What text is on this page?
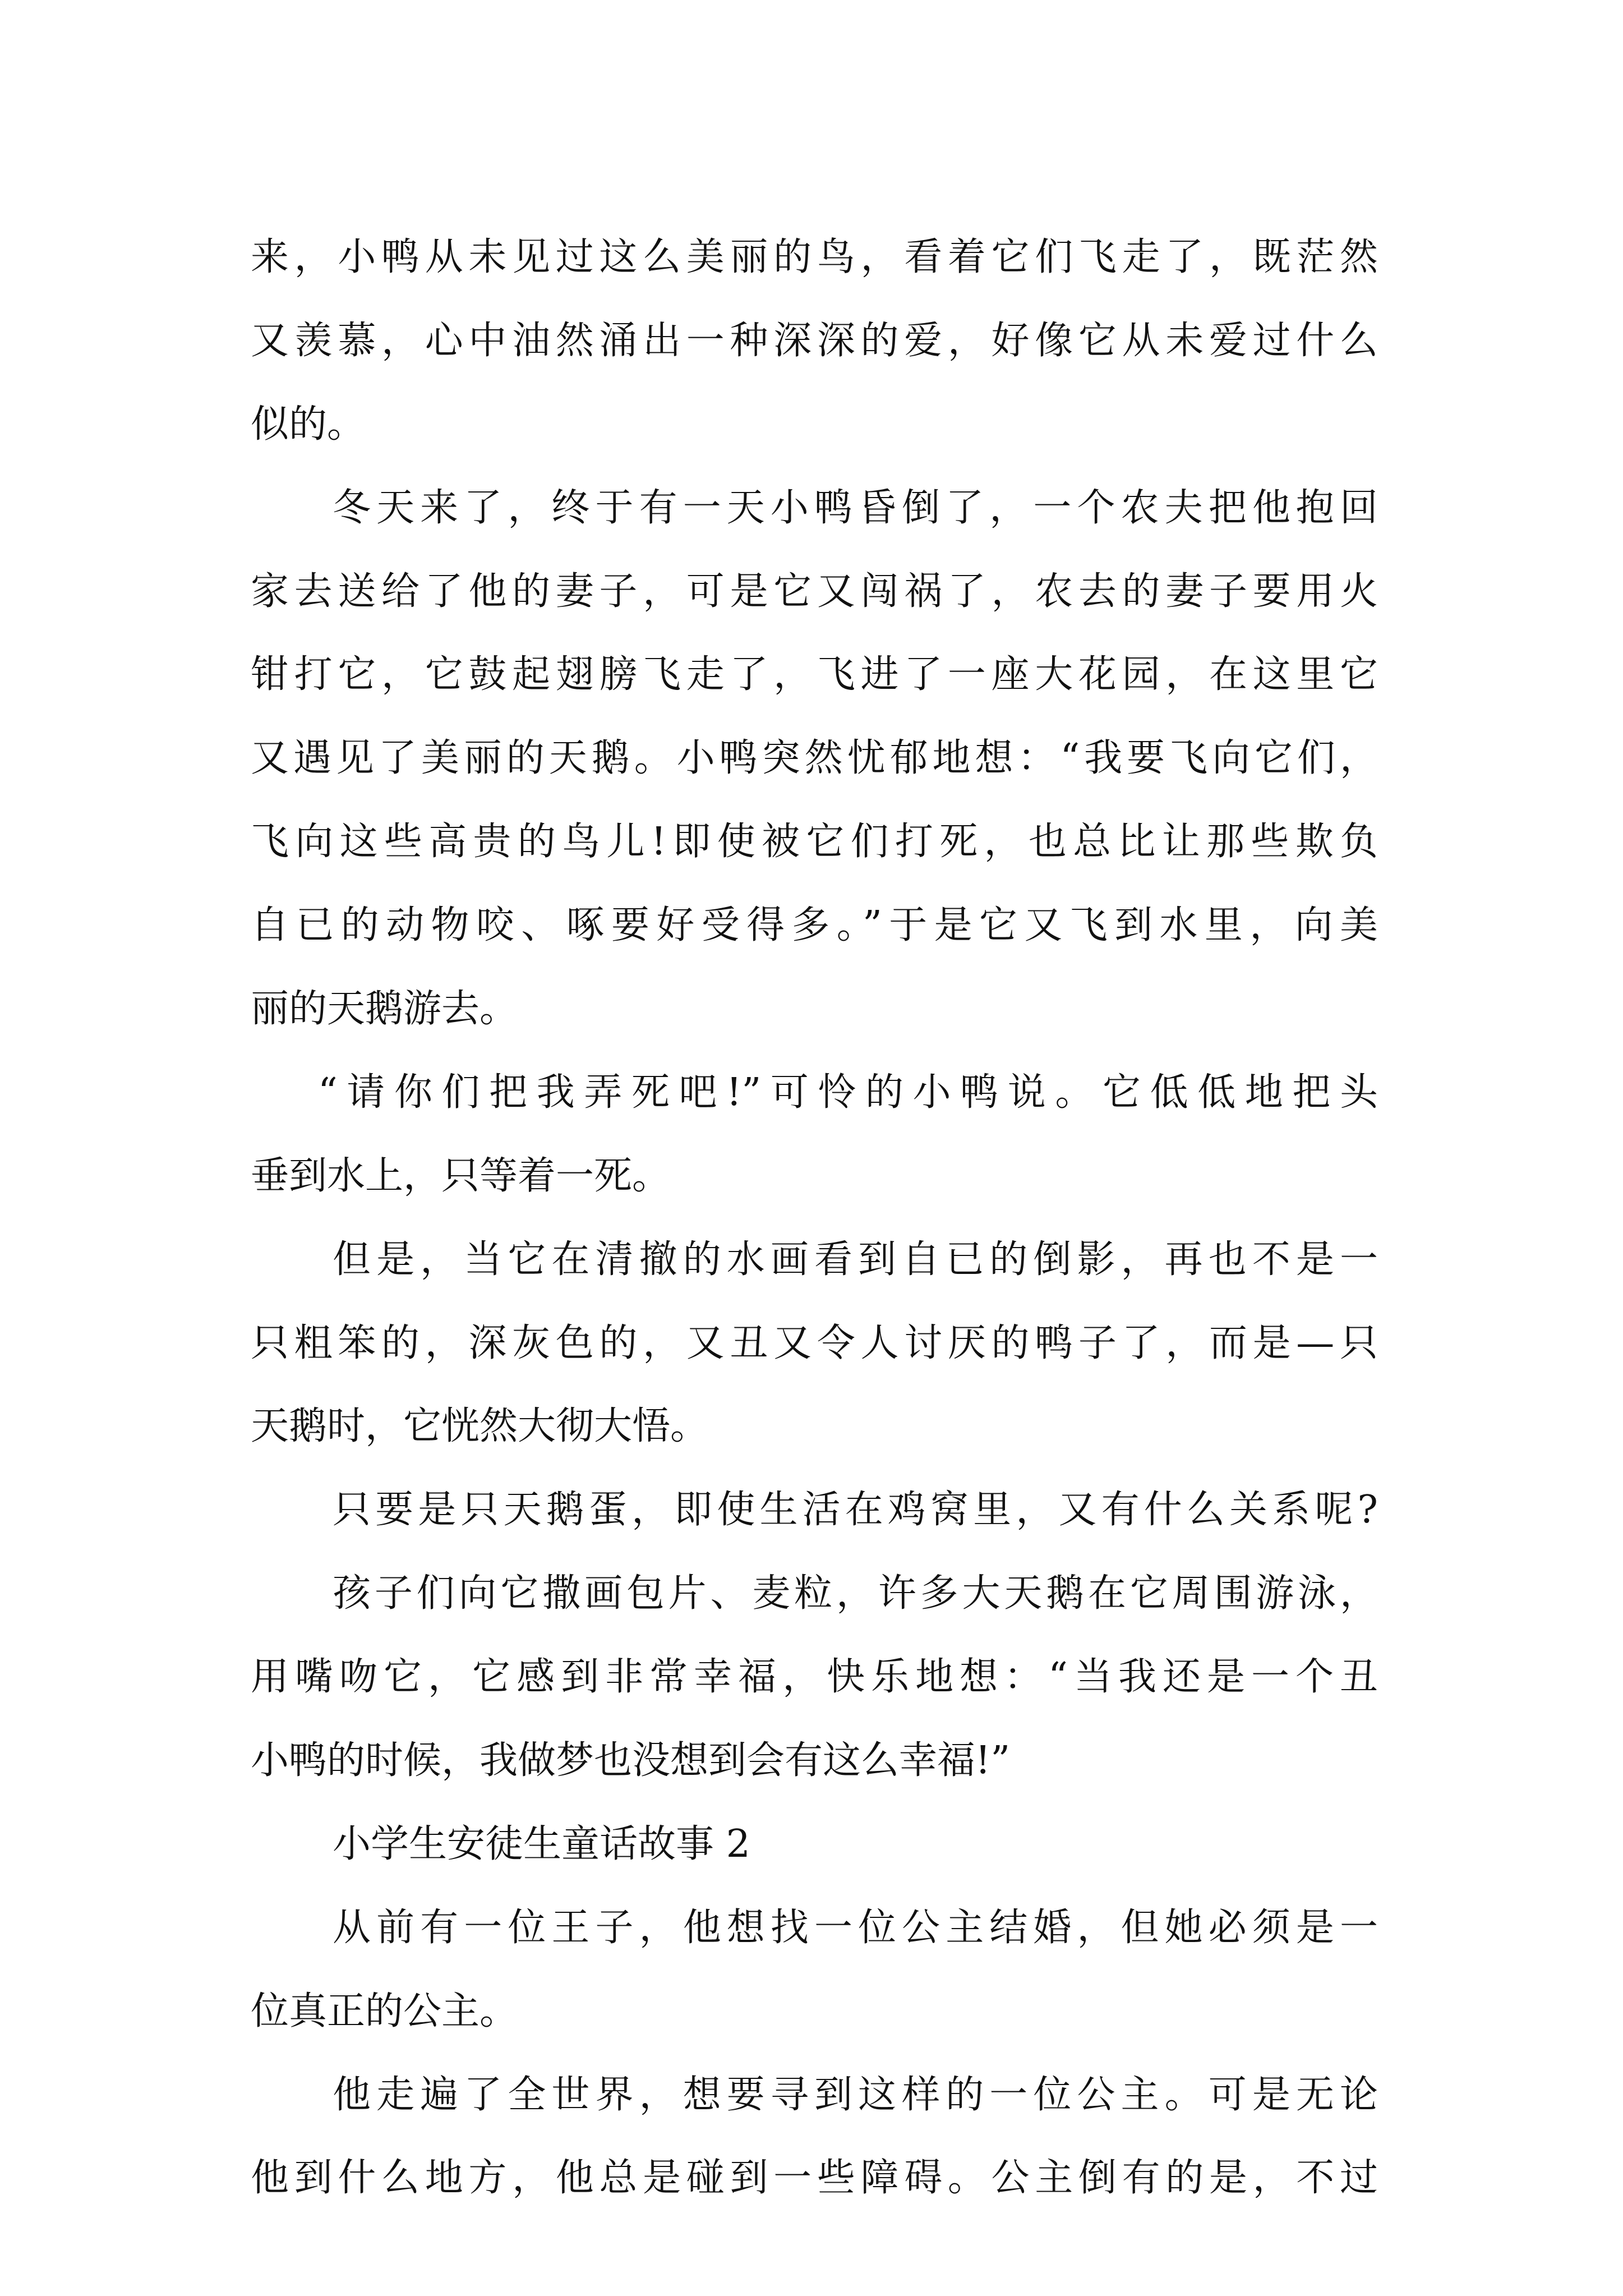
来，小鸭从未见过这么美丽的鸟，看着它们飞走了，既茫然
又羡慕，心中油然涌出一种深深的爱，好像它从未爱过什么
似的。
冬天来了，终于有一天小鸭昏倒了，一个农夫把他抱回
家去送给了他的妻子，可是它又闯祸了，农去的妻子要用火
钳打它，它鼓起翅膀飞走了，飞进了一座大花园，在这里它
又遇见了美丽的天鹅。小鸭突然忧郁地想：“我要飞向它们，
飞向这些高贵的鸟儿!即使被它们打死，也总比让那些欺负
自已的动物咬、啄要好受得多。”于是它又飞到水里，向美
丽的天鹅游去。
“请你们把我弄死吧!”可怜的小鸭说。它低低地把头
垂到水上，只等着一死。
但是，当它在清撤的水画看到自已的倒影，再也不是一
只粗笨的，深灰色的，又丑又令人讨厌的鸭子了，而是—只
天鹅时，它恍然大彻大悟。
只要是只天鹅蛋，即使生活在鸡窝里，又有什么关系呢?
孩子们向它撒画包片、麦粒，许多大天鹅在它周围游泳，
用嘴吻它，它感到非常幸福，快乐地想：“当我还是一个丑
小鸭的时候，我做梦也没想到会有这么幸福!”
小学生安徒生童话故事 2
从前有一位王子，他想找一位公主结婚，但她必须是一
位真正的公主。
他走遍了全世界，想要寻到这样的一位公主。可是无论
他到什么地方，他总是碰到一些障碍。公主倒有的是，不过
